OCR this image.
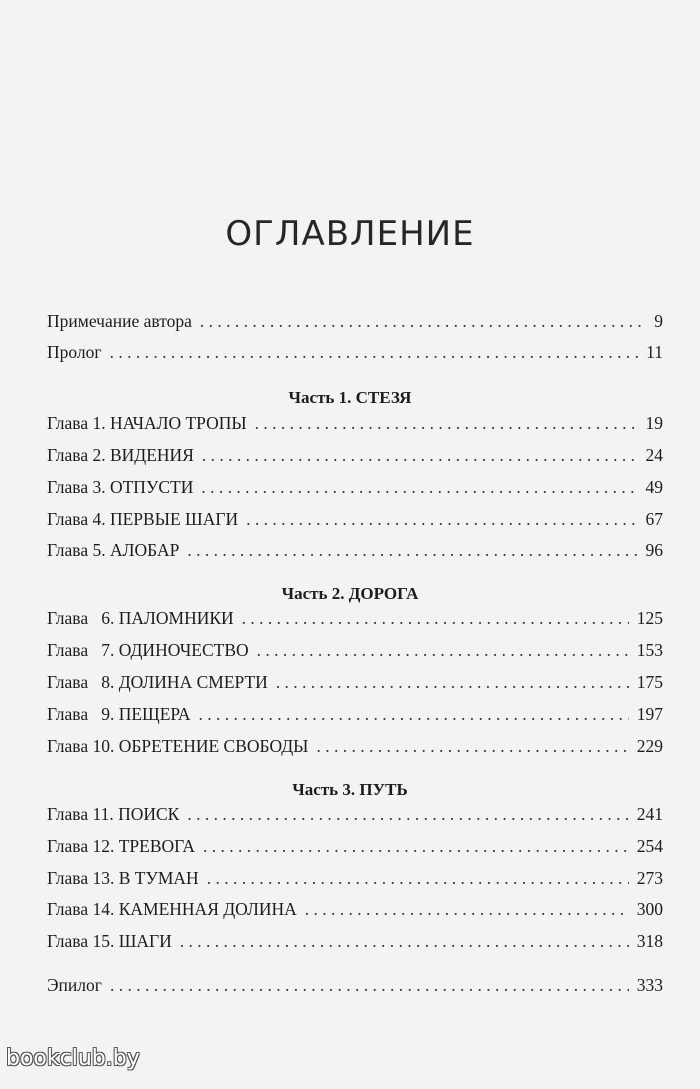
ОГЛАВЛЕНИЕ
Примечание автора . . .	9
Пролог . . .	11
Часть 1. СТЕЗЯ
Глава 1. НАЧАЛО ТРОПЫ . . .	19
Глава 2. ВИДЕНИЯ . . .	24
Глава 3. ОТПУСТИ . . .	49
Глава 4. ПЕРВЫЕ ШАГИ . . .	67
Глава 5. АЛОБАР . . .	96
Часть 2. ДОРОГА
Глава   6. ПАЛОМНИКИ . . .	125
Глава   7. ОДИНОЧЕСТВО . . .	153
Глава   8. ДОЛИНА СМЕРТИ . . .	175
Глава   9. ПЕЩЕРА . . .	197
Глава 10. ОБРЕТЕНИЕ СВОБОДЫ . . .	229
Часть 3. ПУТЬ
Глава 11. ПОИСК . . .	241
Глава 12. ТРЕВОГА . . .	254
Глава 13. В ТУМАН . . .	273
Глава 14. КАМЕННАЯ ДОЛИНА . . .	300
Глава 15. ШАГИ . . .	318
Эпилог . . .	333
bookclub.by
